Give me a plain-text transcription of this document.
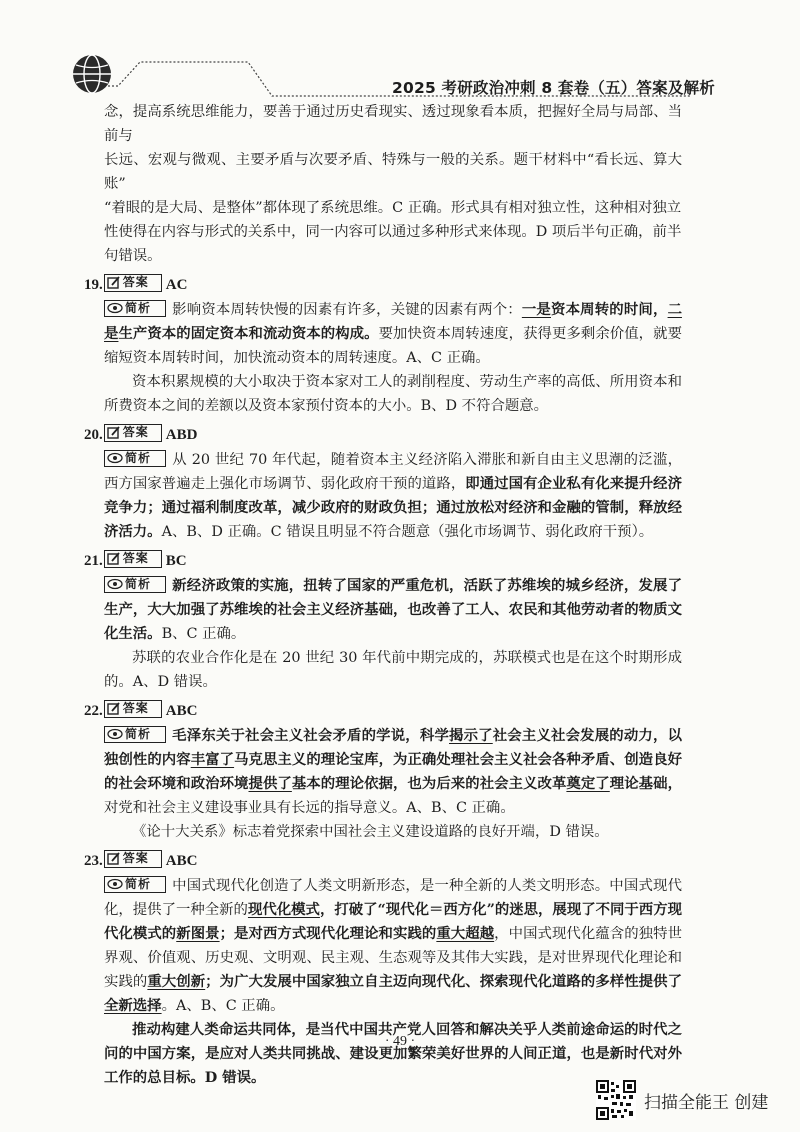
2025 考研政治冲刺 8 套卷（五）答案及解析

念，提高系统思维能力，要善于通过历史看现实、透过现象看本质，把握好全局与局部、当前与

长远、宏观与微观、主要矛盾与次要矛盾、特殊与一般的关系。题干材料中“看长远、算大账”

“着眼的是大局、是整体”都体现了系统思维。C 正确。形式具有相对独立性，这种相对独立

性使得在内容与形式的关系中，同一内容可以通过多种形式来体现。D 项后半句正确，前半

句错误。

19. 答案 AC

简析 影响资本周转快慢的因素有许多，关键的因素有两个：一是资本周转的时间，二是生产资本的固定资本和流动资本的构成。要加快资本周转速度，获得更多剩余价值，就要缩短资本周转时间，加快流动资本的周转速度。A、C 正确。

资本积累规模的大小取决于资本家对工人的剥削程度、劳动生产率的高低、所用资本和所费资本之间的差额以及资本家预付资本的大小。B、D 不符合题意。

20. 答案 ABD

简析 从 20 世纪 70 年代起，随着资本主义经济陷入滞胀和新自由主义思潮的泛滥，西方国家普遍走上强化市场调节、弱化政府干预的道路，即通过国有企业私有化来提升经济竞争力；通过福利制度改革，减少政府的财政负担；通过放松对经济和金融的管制，释放经济活力。A、B、D 正确。C 错误且明显不符合题意（强化市场调节、弱化政府干预）。

21. 答案 BC

简析 新经济政策的实施，扭转了国家的严重危机，活跃了苏维埃的城乡经济，发展了生产，大大加强了苏维埃的社会主义经济基础，也改善了工人、农民和其他劳动者的物质文化生活。B、C 正确。

苏联的农业合作化是在 20 世纪 30 年代前中期完成的，苏联模式也是在这个时期形成的。A、D 错误。

22. 答案 ABC

简析 毛泽东关于社会主义社会矛盾的学说，科学揭示了社会主义社会发展的动力，以独创性的内容丰富了马克思主义的理论宝库，为正确处理社会主义社会各种矛盾、创造良好的社会环境和政治环境提供了基本的理论依据，也为后来的社会主义改革奠定了理论基础，对党和社会主义建设事业具有长远的指导意义。A、B、C 正确。

《论十大关系》标志着党探索中国社会主义建设道路的良好开端，D 错误。

23. 答案 ABC

简析 中国式现代化创造了人类文明新形态，是一种全新的人类文明形态。中国式现代化，提供了一种全新的现代化模式，打破了“现代化＝西方化”的迷思，展现了不同于西方现代化模式的新图景；是对西方式现代化理论和实践的重大超越，中国式现代化蕴含的独特世界观、价值观、历史观、文明观、民主观、生态观等及其伟大实践，是对世界现代化理论和实践的重大创新；为广大发展中国家独立自主迈向现代化、探索现代化道路的多样性提供了全新选择。A、B、C 正确。

推动构建人类命运共同体，是当代中国共产党人回答和解决关乎人类前途命运的时代之问的中国方案，是应对人类共同挑战、建设更加繁荣美好世界的人间正道，也是新时代对外工作的总目标。D 错误。

· 49 ·
扫描全能王 创建
